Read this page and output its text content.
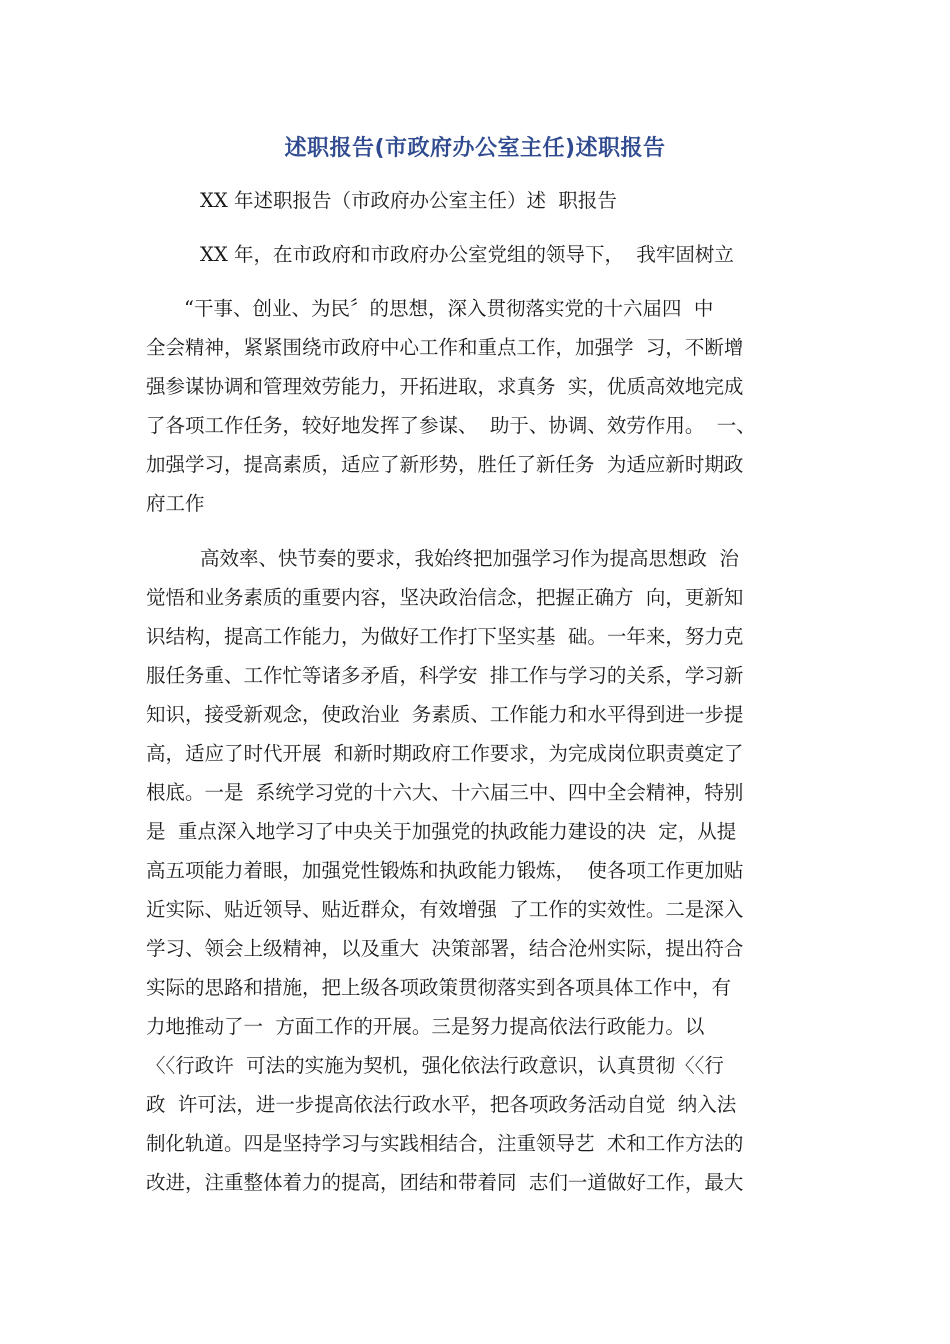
述职报告(市政府办公室主任)述职报告
XX 年述职报告（市政府办公室主任）述  职报告
XX 年，在市政府和市政府办公室党组的领导下，  我牢固树立
“干事、创业、为民〞的思想，深入贯彻落实党的十六届四  中
全会精神，紧紧围绕市政府中心工作和重点工作，加强学  习，不断增
强参谋协调和管理效劳能力，开拓进取，求真务  实，优质高效地完成
了各项工作任务，较好地发挥了参谋、  助于、协调、效劳作用。  一、
加强学习，提高素质，适应了新形势，胜任了新任务  为适应新时期政
府工作
高效率、快节奏的要求，我始终把加强学习作为提高思想政  治
觉悟和业务素质的重要内容，坚决政治信念，把握正确方  向，更新知
识结构，提高工作能力，为做好工作打下坚实基  础。一年来，努力克
服任务重、工作忙等诸多矛盾，科学安  排工作与学习的关系，学习新
知识，接受新观念，使政治业  务素质、工作能力和水平得到进一步提
高，适应了时代开展  和新时期政府工作要求，为完成岗位职责奠定了
根底。一是  系统学习党的十六大、十六届三中、四中全会精神，特别
是  重点深入地学习了中央关于加强党的执政能力建设的决  定，从提
高五项能力着眼，加强党性锻炼和执政能力锻炼，  使各项工作更加贴
近实际、贴近领导、贴近群众，有效增强  了工作的实效性。二是深入
学习、领会上级精神，以及重大  决策部署，结合沧州实际，提出符合
实际的思路和措施，把上级各项政策贯彻落实到各项具体工作中，有
力地推动了一  方面工作的开展。三是努力提高依法行政能力。以
〈〈行政许  可法的实施为契机，强化依法行政意识，认真贯彻〈〈行
政  许可法，进一步提高依法行政水平，把各项政务活动自觉  纳入法
制化轨道。四是坚持学习与实践相结合，注重领导艺  术和工作方法的
改进，注重整体着力的提高，团结和带着同  志们一道做好工作，最大
